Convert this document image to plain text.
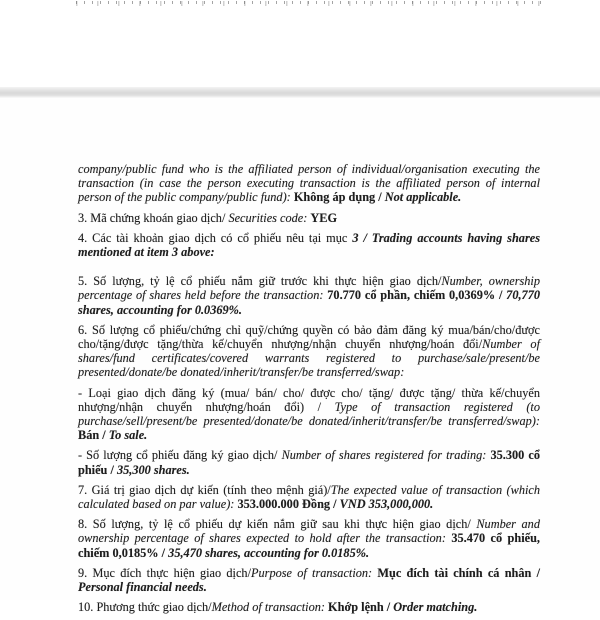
company/public fund who is the affiliated person of individual/organisation executing the transaction (in case the person executing transaction is the affiliated person of internal person of the public company/public fund): Không áp dụng / Not applicable.

3. Mã chứng khoán giao dịch/ Securities code: YEG

4. Các tài khoản giao dịch có cổ phiếu nêu tại mục 3 / Trading accounts having shares mentioned at item 3 above:

5. Số lượng, tỷ lệ cổ phiếu nắm giữ trước khi thực hiện giao dịch/Number, ownership percentage of shares held before the transaction: 70.770 cổ phần, chiếm 0,0369% / 70,770 shares, accounting for 0.0369%.

6. Số lượng cổ phiếu/chứng chỉ quỹ/chứng quyền có bảo đảm đăng ký mua/bán/cho/được cho/tặng/được tặng/thừa kế/chuyển nhượng/nhận chuyển nhượng/hoán đổi/Number of shares/fund certificates/covered warrants registered to purchase/sale/present/be presented/donate/be donated/inherit/transfer/be transferred/swap:

- Loại giao dịch đăng ký (mua/ bán/ cho/ được cho/ tặng/ được tặng/ thừa kế/chuyển nhượng/nhận chuyển nhượng/hoán đổi) / Type of transaction registered (to purchase/sell/present/be presented/donate/be donated/inherit/transfer/be transferred/swap): Bán / To sale.

- Số lượng cổ phiếu đăng ký giao dịch/ Number of shares registered for trading: 35.300 cổ phiếu / 35,300 shares.

7. Giá trị giao dịch dự kiến (tính theo mệnh giá)/The expected value of transaction (which calculated based on par value): 353.000.000 Đồng / VND 353,000,000.

8. Số lượng, tỷ lệ cổ phiếu dự kiến nắm giữ sau khi thực hiện giao dịch/ Number and ownership percentage of shares expected to hold after the transaction: 35.470 cổ phiếu, chiếm 0,0185% / 35,470 shares, accounting for 0.0185%.

9. Mục đích thực hiện giao dịch/Purpose of transaction: Mục đích tài chính cá nhân / Personal financial needs.

10. Phương thức giao dịch/Method of transaction: Khớp lệnh / Order matching.
